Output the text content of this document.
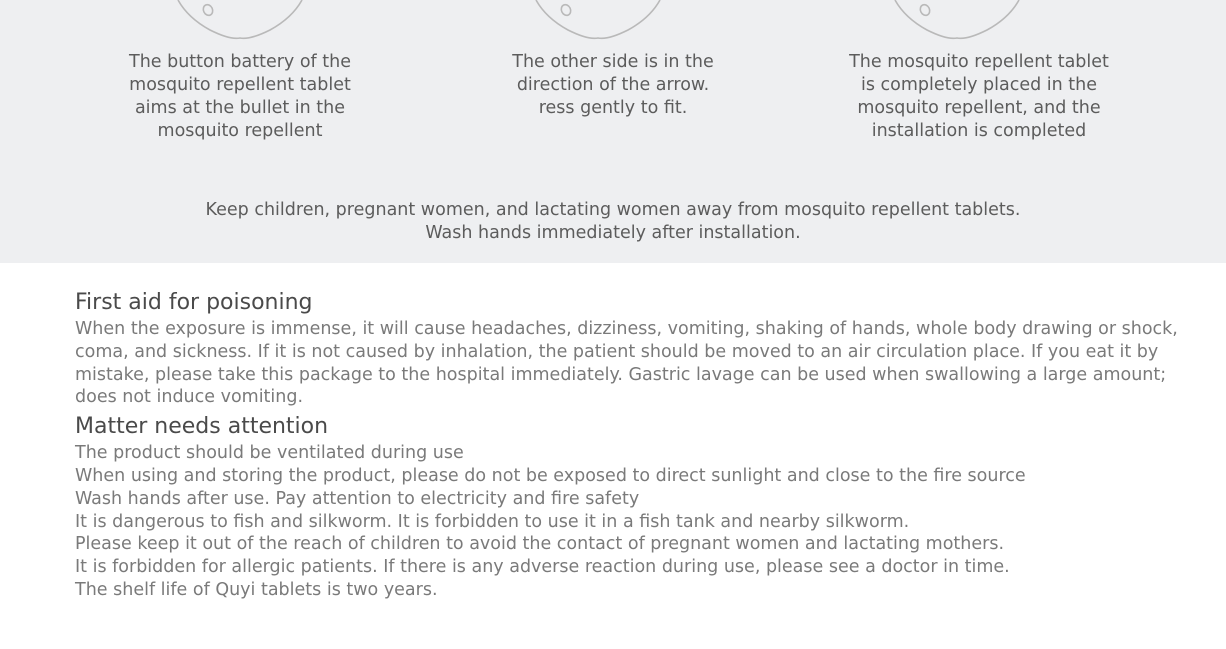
The button battery of the
mosquito repellent tablet
aims at the bullet in the
mosquito repellent

The other side is in the
direction of the arrow.
ress gently to fit.

The mosquito repellent tablet
is completely placed in the
mosquito repellent, and the
installation is completed

Keep children, pregnant women, and lactating women away from mosquito repellent tablets.
Wash hands immediately after installation.

First aid for poisoning

When the exposure is immense, it will cause headaches, dizziness, vomiting, shaking of hands, whole body drawing or shock, coma, and sickness. If it is not caused by inhalation, the patient should be moved to an air circulation place. If you eat it by mistake, please take this package to the hospital immediately. Gastric lavage can be used when swallowing a large amount; does not induce vomiting.

Matter needs attention
The product should be ventilated during use
When using and storing the product, please do not be exposed to direct sunlight and close to the fire source
Wash hands after use. Pay attention to electricity and fire safety
It is dangerous to fish and silkworm. It is forbidden to use it in a fish tank and nearby silkworm.
Please keep it out of the reach of children to avoid the contact of pregnant women and lactating mothers.
It is forbidden for allergic patients. If there is any adverse reaction during use, please see a doctor in time.
The shelf life of Quyi tablets is two years.
